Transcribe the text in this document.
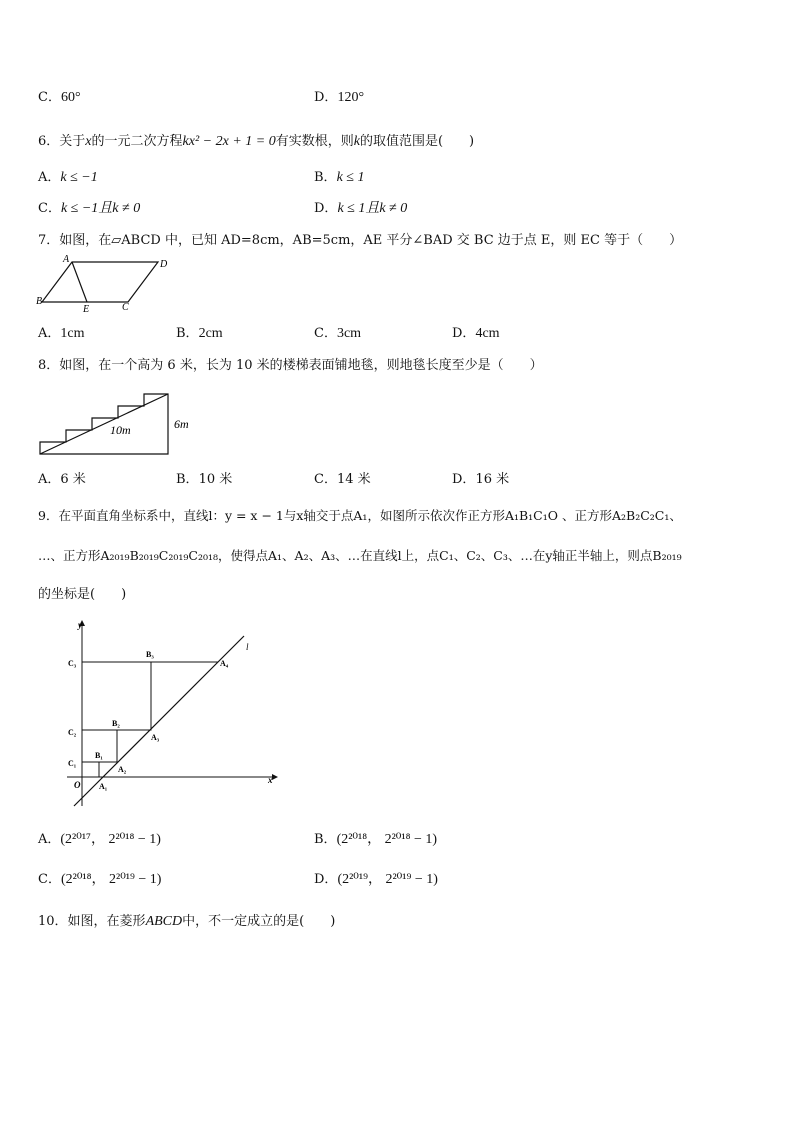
C．60°	D．120°
6．关于x的一元二次方程kx² − 2x + 1 = 0有实数根，则k的取值范围是(　　)
A．k ≤ −1	B．k ≤ 1
C．k ≤ −1且k ≠ 0	D．k ≤ 1且k ≠ 0
7．如图，在▱ABCD 中，已知 AD=8cm，AB=5cm，AE 平分∠BAD 交 BC 边于点 E，则 EC 等于（　　）
A	D
B
E	C
A．1cm	B．2cm	C．3cm	D．4cm
8．如图，在一个高为 6 米，长为 10 米的楼梯表面铺地毯，则地毯长度至少是（　　）
10m	6m
A．6 米	B．10 米	C．14 米	D．16 米
9．在平面直角坐标系中，直线l：y = x − 1与x轴交于点A₁，如图所示依次作正方形A₁B₁C₁O 、正方形A₂B₂C₂C₁、
…、正方形A₂₀₁₉B₂₀₁₉C₂₀₁₉C₂₀₁₈，使得点A₁、A₂、A₃、…在直线l上，点C₁、C₂、C₃、…在y轴正半轴上，则点B₂₀₁₉
的坐标是(　　)
y
x
l
O
C₁
C₂
C₃
B₁
B₂
B₃
A₁
A₂
A₃
A₄
A．(2²⁰¹⁷， 2²⁰¹⁸ − 1)	B．(2²⁰¹⁸， 2²⁰¹⁸ − 1)
C．(2²⁰¹⁸， 2²⁰¹⁹ − 1)	D．(2²⁰¹⁹， 2²⁰¹⁹ − 1)
10．如图，在菱形ABCD中，不一定成立的是(　　)
